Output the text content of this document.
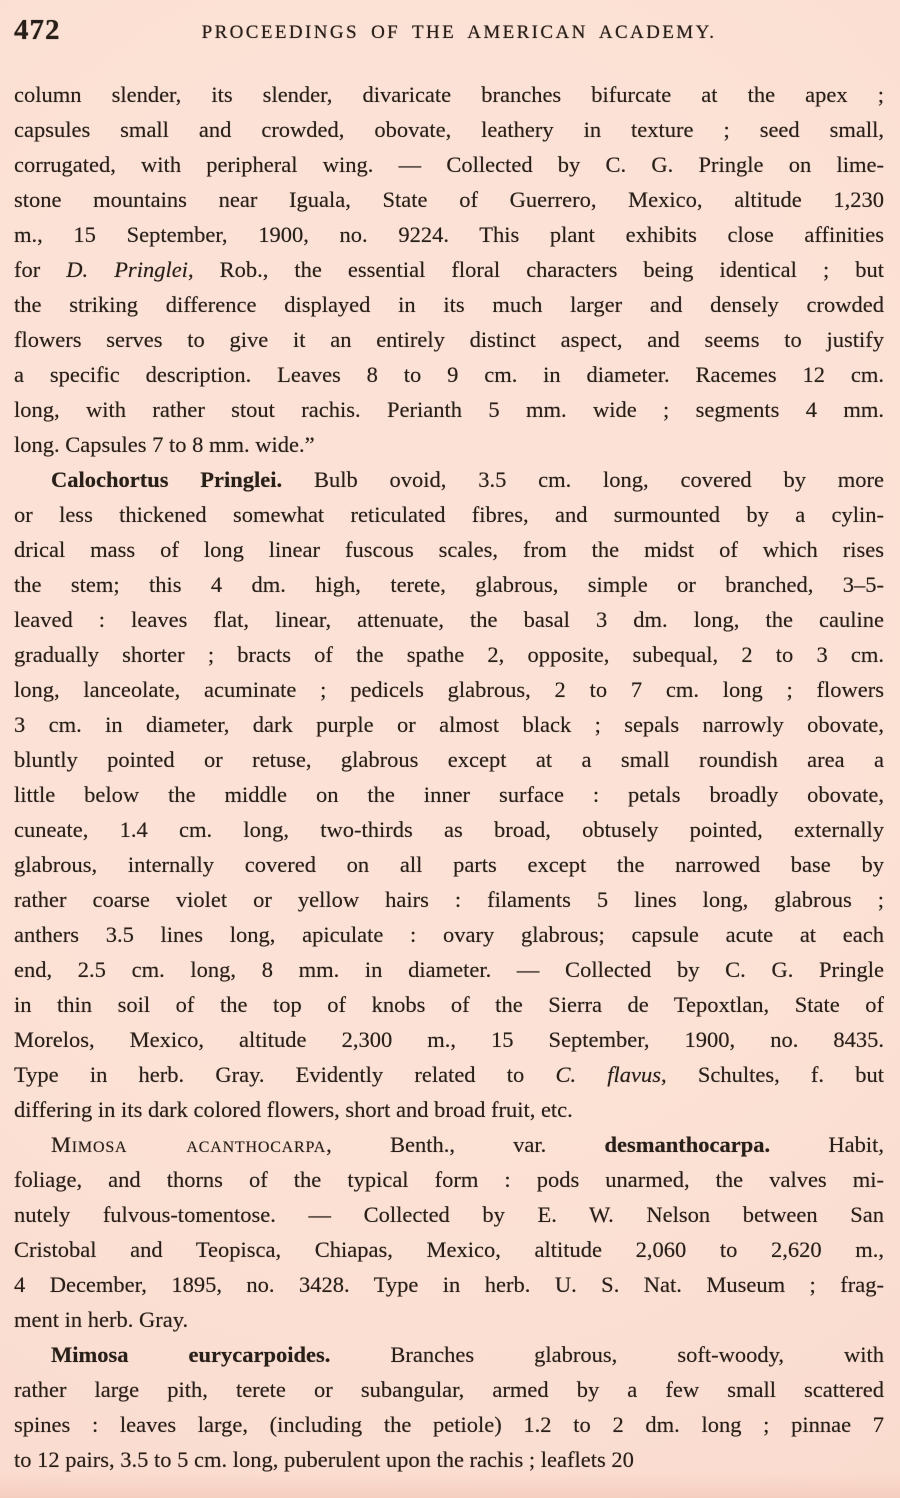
472	PROCEEDINGS OF THE AMERICAN ACADEMY.
column slender, its slender, divaricate branches bifurcate at the apex ;
capsules small and crowded, obovate, leathery in texture ; seed small,
corrugated, with peripheral wing. — Collected by C. G. Pringle on lime-
stone mountains near Iguala, State of Guerrero, Mexico, altitude 1,230
m., 15 September, 1900, no. 9224. This plant exhibits close affinities
for D. Pringlei, Rob., the essential floral characters being identical ; but
the striking difference displayed in its much larger and densely crowded
flowers serves to give it an entirely distinct aspect, and seems to justify
a specific description. Leaves 8 to 9 cm. in diameter. Racemes 12 cm.
long, with rather stout rachis. Perianth 5 mm. wide ; segments 4 mm.
long. Capsules 7 to 8 mm. wide.”
Calochortus Pringlei. Bulb ovoid, 3.5 cm. long, covered by more
or less thickened somewhat reticulated fibres, and surmounted by a cylin-
drical mass of long linear fuscous scales, from the midst of which rises
the stem; this 4 dm. high, terete, glabrous, simple or branched, 3–5-
leaved : leaves flat, linear, attenuate, the basal 3 dm. long, the cauline
gradually shorter ; bracts of the spathe 2, opposite, subequal, 2 to 3 cm.
long, lanceolate, acuminate ; pedicels glabrous, 2 to 7 cm. long ; flowers
3 cm. in diameter, dark purple or almost black ; sepals narrowly obovate,
bluntly pointed or retuse, glabrous except at a small roundish area a
little below the middle on the inner surface : petals broadly obovate,
cuneate, 1.4 cm. long, two-thirds as broad, obtusely pointed, externally
glabrous, internally covered on all parts except the narrowed base by
rather coarse violet or yellow hairs : filaments 5 lines long, glabrous ;
anthers 3.5 lines long, apiculate : ovary glabrous; capsule acute at each
end, 2.5 cm. long, 8 mm. in diameter. — Collected by C. G. Pringle
in thin soil of the top of knobs of the Sierra de Tepoxtlan, State of
Morelos, Mexico, altitude 2,300 m., 15 September, 1900, no. 8435.
Type in herb. Gray. Evidently related to C. flavus, Schultes, f. but
differing in its dark colored flowers, short and broad fruit, etc.
Mimosa acanthocarpa, Benth., var. desmanthocarpa. Habit,
foliage, and thorns of the typical form : pods unarmed, the valves mi-
nutely fulvous-tomentose. — Collected by E. W. Nelson between San
Cristobal and Teopisca, Chiapas, Mexico, altitude 2,060 to 2,620 m.,
4 December, 1895, no. 3428. Type in herb. U. S. Nat. Museum ; frag-
ment in herb. Gray.
Mimosa eurycarpoides. Branches glabrous, soft-woody, with
rather large pith, terete or subangular, armed by a few small scattered
spines : leaves large, (including the petiole) 1.2 to 2 dm. long ; pinnae 7
to 12 pairs, 3.5 to 5 cm. long, puberulent upon the rachis ; leaflets 20
